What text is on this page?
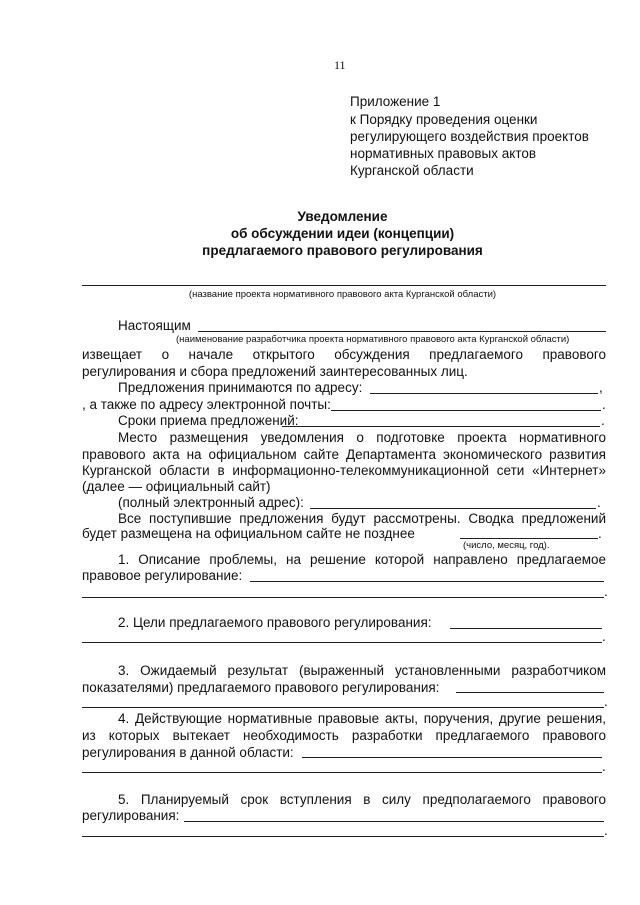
11
Приложение 1
к Порядку проведения оценки
регулирующего воздействия проектов
нормативных правовых актов
Курганской области
Уведомление
об обсуждении идеи (концепции)
предлагаемого правового регулирования
(название проекта нормативного правового акта Курганской области)
Настоящим
(наименование разработчика проекта нормативного правового акта Курганской области)
извещает о начале открытого обсуждения предлагаемого правового
регулирования и сбора предложений заинтересованных лиц.
Предложения принимаются по адресу:	,
, а также по адресу электронной почты:	.
Сроки приема предложений:	.
Место размещения уведомления о подготовке проекта нормативного
правового акта на официальном сайте Департамента экономического развития
Курганской области в информационно-телекоммуникационной сети «Интернет»
(далее — официальный сайт)
(полный электронный адрес):	.
Все поступившие предложения будут рассмотрены. Сводка предложений
будет размещена на официальном сайте не позднее	.
(число, месяц, год).
1. Описание проблемы, на решение которой направлено предлагаемое
правовое регулирование:
.
2. Цели предлагаемого правового регулирования:
.
3. Ожидаемый результат (выраженный установленными разработчиком
показателями) предлагаемого правового регулирования:
.
4. Действующие нормативные правовые акты, поручения, другие решения,
из которых вытекает необходимость разработки предлагаемого правового
регулирования в данной области:
.
5. Планируемый срок вступления в силу предполагаемого правового
регулирования:
.
